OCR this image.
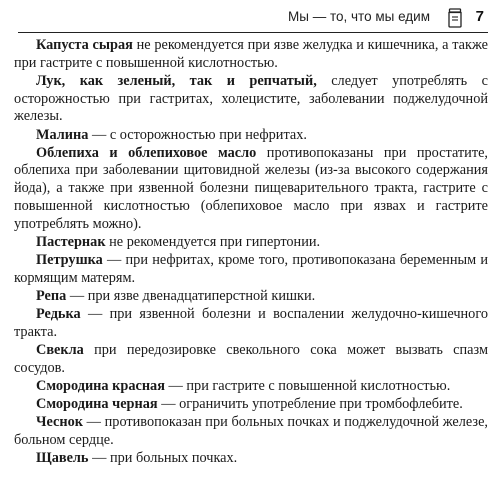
Мы — то, что мы едим	7

Капуста сырая не рекомендуется при язве желудка и кишечника, а также при гастрите с повышенной кислотностью.

Лук, как зеленый, так и репчатый, следует употреблять с осторожностью при гастритах, холецистите, заболевании поджелудочной железы.

Малина — с осторожностью при нефритах.

Облепиха и облепиховое масло противопоказаны при простатите, облепиха при заболевании щитовидной железы (из-за высокого содержания йода), а также при язвенной болезни пищеварительного тракта, гастрите с повышенной кислотностью (облепиховое масло при язвах и гастрите употреблять можно).

Пастернак не рекомендуется при гипертонии.

Петрушка — при нефритах, кроме того, противопоказана беременным и кормящим матерям.

Репа — при язве двенадцатиперстной кишки.

Редька — при язвенной болезни и воспалении желудочно-кишечного тракта.

Свекла при передозировке свекольного сока может вызвать спазм сосудов.

Смородина красная — при гастрите с повышенной кислотностью.

Смородина черная — ограничить употребление при тромбофлебите.

Чеснок — противопоказан при больных почках и поджелудочной железе, больном сердце.

Щавель — при больных почках.
